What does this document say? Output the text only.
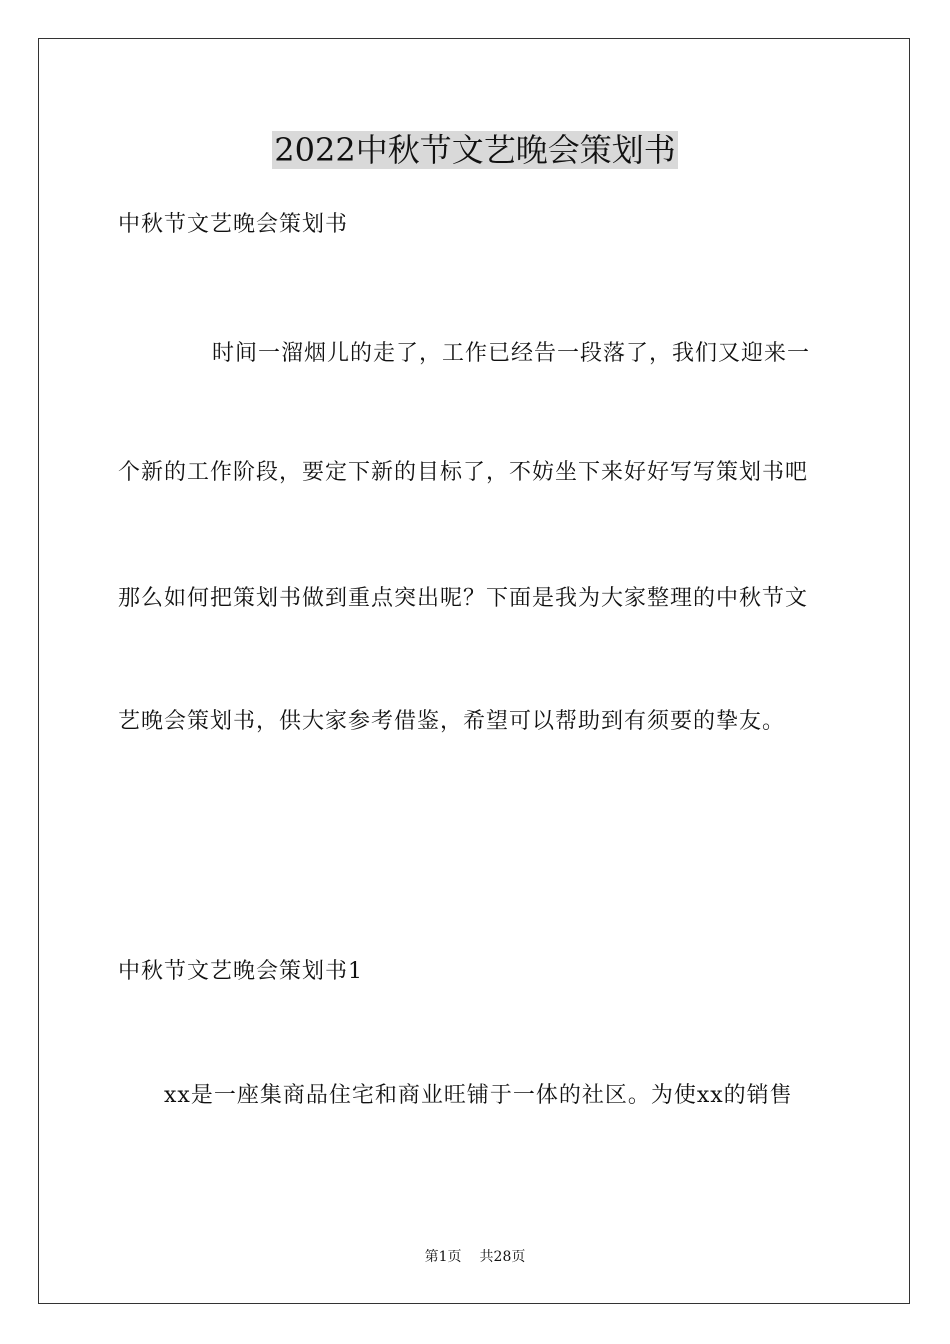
2022中秋节文艺晚会策划书
中秋节文艺晚会策划书
时间一溜烟儿的走了，工作已经告一段落了，我们又迎来一
个新的工作阶段，要定下新的目标了，不妨坐下来好好写写策划书吧
那么如何把策划书做到重点突出呢？下面是我为大家整理的中秋节文
艺晚会策划书，供大家参考借鉴，希望可以帮助到有须要的挚友。
中秋节文艺晚会策划书1
xx是一座集商品住宅和商业旺铺于一体的社区。为使xx的销售
第1页 共28页
